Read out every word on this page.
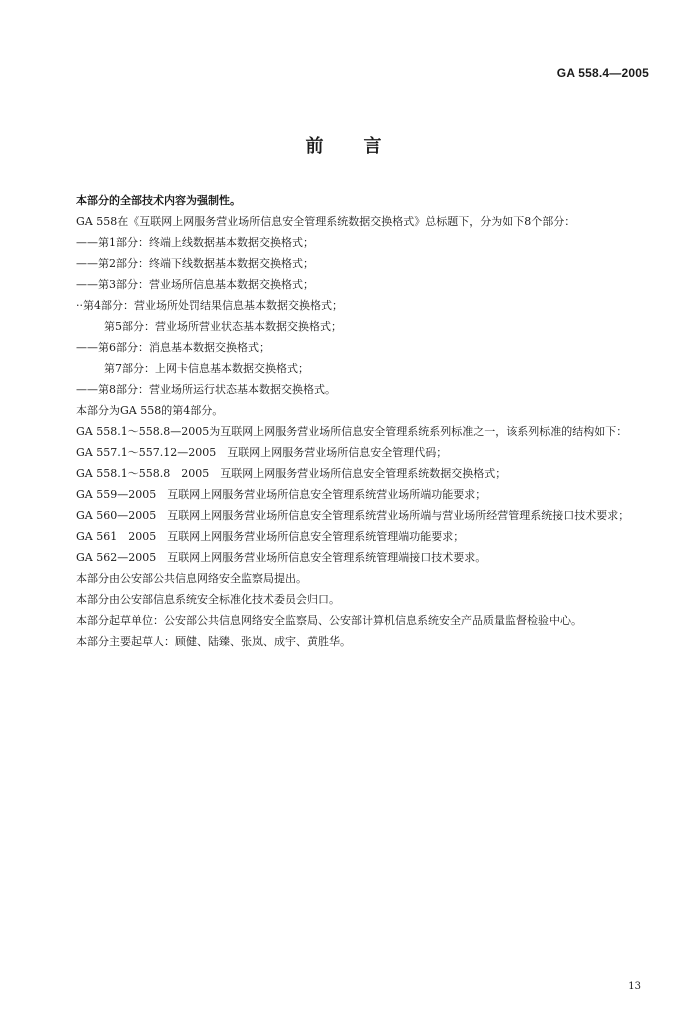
GA 558.4—2005
前言

本部分的全部技术内容为强制性。

GA 558在《互联网上网服务营业场所信息安全管理系统数据交换格式》总标题下，分为如下8个部分：

——第1部分：终端上线数据基本数据交换格式；

——第2部分：终端下线数据基本数据交换格式；

——第3部分：营业场所信息基本数据交换格式；

··第4部分：营业场所处罚结果信息基本数据交换格式；

第5部分：营业场所营业状态基本数据交换格式；

——第6部分：消息基本数据交换格式；

第7部分：上网卡信息基本数据交换格式；

——第8部分：营业场所运行状态基本数据交换格式。

本部分为GA 558的第4部分。

GA 558.1～558.8—2005为互联网上网服务营业场所信息安全管理系统系列标准之一，该系列标准的结构如下：

GA 557.1～557.12—2005　互联网上网服务营业场所信息安全管理代码；

GA 558.1～558.8　2005　互联网上网服务营业场所信息安全管理系统数据交换格式；

GA 559—2005　互联网上网服务营业场所信息安全管理系统营业场所端功能要求；

GA 560—2005　互联网上网服务营业场所信息安全管理系统营业场所端与营业场所经营管理系统接口技术要求；

GA 561　2005　互联网上网服务营业场所信息安全管理系统管理端功能要求；

GA 562—2005　互联网上网服务营业场所信息安全管理系统管理端接口技术要求。

本部分由公安部公共信息网络安全监察局提出。

本部分由公安部信息系统安全标准化技术委员会归口。

本部分起草单位：公安部公共信息网络安全监察局、公安部计算机信息系统安全产品质量监督检验中心。

本部分主要起草人：顾健、陆臻、张岚、成宇、黄胜华。

13
